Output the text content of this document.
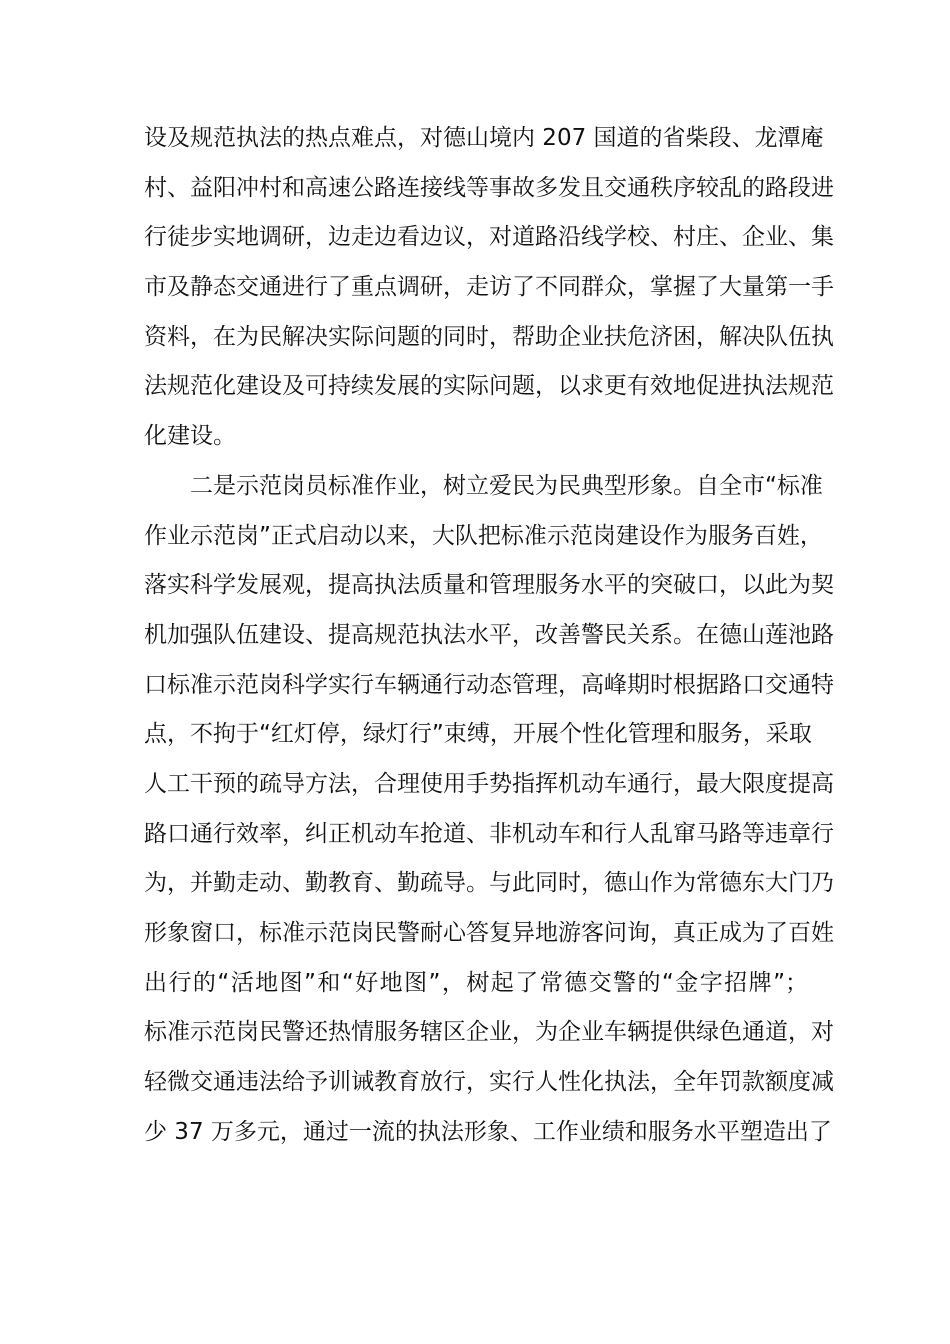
设及规范执法的热点难点，对德山境内 207 国道的省柴段、龙潭庵
村、益阳冲村和高速公路连接线等事故多发且交通秩序较乱的路段进
行徒步实地调研，边走边看边议，对道路沿线学校、村庄、企业、集
市及静态交通进行了重点调研，走访了不同群众，掌握了大量第一手
资料，在为民解决实际问题的同时，帮助企业扶危济困，解决队伍执
法规范化建设及可持续发展的实际问题，以求更有效地促进执法规范
化建设。
二是示范岗员标准作业，树立爱民为民典型形象。自全市“标准
作业示范岗”正式启动以来，大队把标准示范岗建设作为服务百姓，
落实科学发展观，提高执法质量和管理服务水平的突破口，以此为契
机加强队伍建设、提高规范执法水平，改善警民关系。在德山莲池路
口标准示范岗科学实行车辆通行动态管理，高峰期时根据路口交通特
点，不拘于“红灯停，绿灯行”束缚，开展个性化管理和服务，采取
人工干预的疏导方法，合理使用手势指挥机动车通行，最大限度提高
路口通行效率，纠正机动车抢道、非机动车和行人乱窜马路等违章行
为，并勤走动、勤教育、勤疏导。与此同时，德山作为常德东大门乃
形象窗口，标准示范岗民警耐心答复异地游客问询，真正成为了百姓
出行的“活地图”和“好地图”，树起了常德交警的“金字招牌”；
标准示范岗民警还热情服务辖区企业，为企业车辆提供绿色通道，对
轻微交通违法给予训诫教育放行，实行人性化执法，全年罚款额度减
少 37 万多元，通过一流的执法形象、工作业绩和服务水平塑造出了
